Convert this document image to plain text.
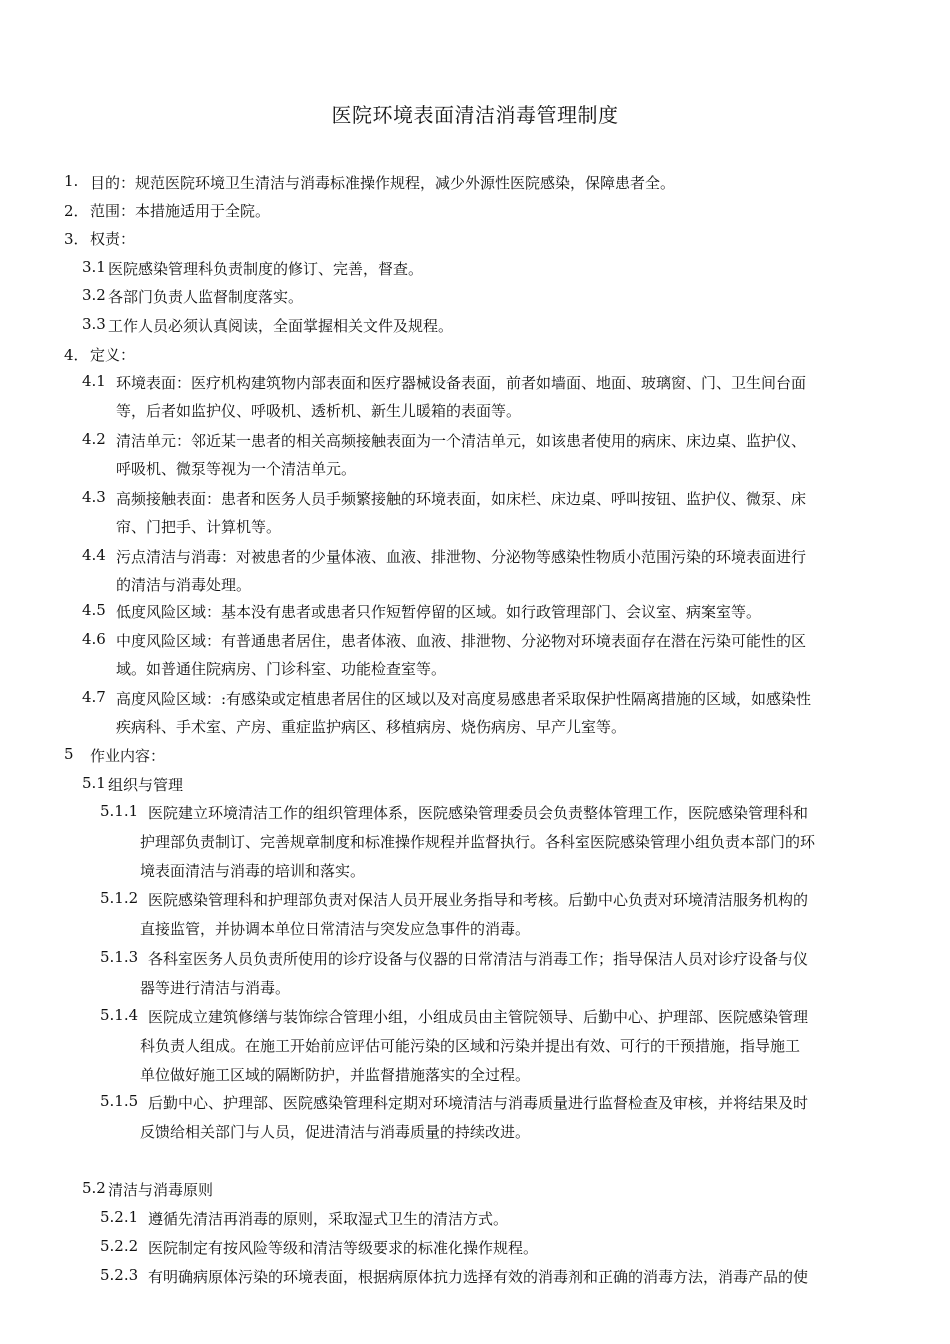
医院环境表面清洁消毒管理制度
1. 目的：规范医院环境卫生清洁与消毒标准操作规程，减少外源性医院感染，保障患者全。
2． 范围：本措施适用于全院。
3． 权责：
3.1 医院感染管理科负责制度的修订、完善，督查。
3.2 各部门负责人监督制度落实。
3.3 工作人员必须认真阅读，全面掌握相关文件及规程。
4． 定义：
4.1 环境表面：医疗机构建筑物内部表面和医疗器械设备表面，前者如墙面、地面、玻璃窗、门、卫生间台面
等，后者如监护仪、呼吸机、透析机、新生儿暖箱的表面等。
4.2 清洁单元：邻近某一患者的相关高频接触表面为一个清洁单元，如该患者使用的病床、床边桌、监护仪、
呼吸机、微泵等视为一个清洁单元。
4.3 高频接触表面：患者和医务人员手频繁接触的环境表面，如床栏、床边桌、呼叫按钮、监护仪、微泵、床
帘、门把手、计算机等。
4.4 污点清洁与消毒：对被患者的少量体液、血液、排泄物、分泌物等感染性物质小范围污染的环境表面进行
的清洁与消毒处理。
4.5 低度风险区域：基本没有患者或患者只作短暂停留的区域。如行政管理部门、会议室、病案室等。
4.6 中度风险区域：有普通患者居住，患者体液、血液、排泄物、分泌物对环境表面存在潜在污染可能性的区
域。如普通住院病房、门诊科室、功能检查室等。
4.7 高度风险区域：:有感染或定植患者居住的区域以及对高度易感患者采取保护性隔离措施的区域，如感染性
疾病科、手术室、产房、重症监护病区、移植病房、烧伤病房、早产儿室等。
5 作业内容：
5.1 组织与管理
5.1.1 医院建立环境清洁工作的组织管理体系，医院感染管理委员会负责整体管理工作，医院感染管理科和
护理部负责制订、完善规章制度和标准操作规程并监督执行。各科室医院感染管理小组负责本部门的环
境表面清洁与消毒的培训和落实。
5.1.2 医院感染管理科和护理部负责对保洁人员开展业务指导和考核。后勤中心负责对环境清洁服务机构的
直接监管，并协调本单位日常清洁与突发应急事件的消毒。
5.1.3 各科室医务人员负责所使用的诊疗设备与仪器的日常清洁与消毒工作；指导保洁人员对诊疗设备与仪
器等进行清洁与消毒。
5.1.4 医院成立建筑修缮与装饰综合管理小组，小组成员由主管院领导、后勤中心、护理部、医院感染管理
科负责人组成。在施工开始前应评估可能污染的区域和污染并提出有效、可行的干预措施，指导施工
单位做好施工区域的隔断防护，并监督措施落实的全过程。
5.1.5 后勤中心、护理部、医院感染管理科定期对环境清洁与消毒质量进行监督检查及审核，并将结果及时
反馈给相关部门与人员，促进清洁与消毒质量的持续改进。
5.2 清洁与消毒原则
5.2.1 遵循先清洁再消毒的原则，采取湿式卫生的清洁方式。
5.2.2 医院制定有按风险等级和清洁等级要求的标准化操作规程。
5.2.3 有明确病原体污染的环境表面，根据病原体抗力选择有效的消毒剂和正确的消毒方法，消毒产品的使
